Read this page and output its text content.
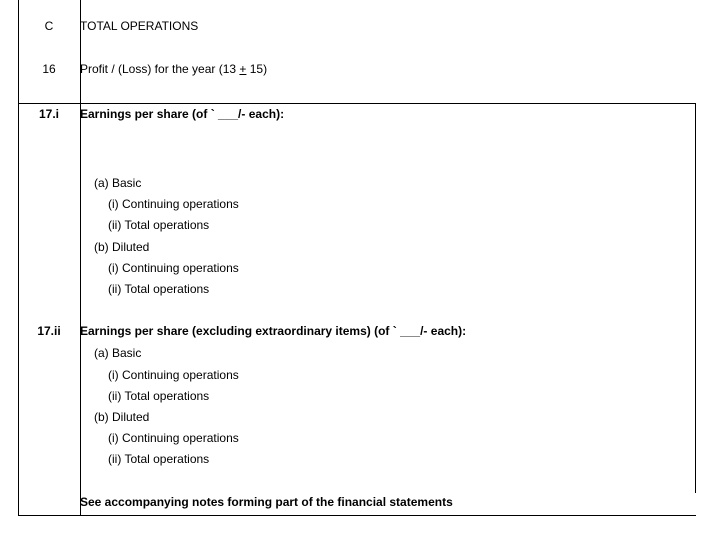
C	TOTAL OPERATIONS
16	Profit / (Loss) for the year (13 + 15)
17.i	Earnings per share (of ` ___/- each):
(a) Basic
(i) Continuing operations
(ii) Total operations
(b) Diluted
(i) Continuing operations
(ii) Total operations
17.ii	Earnings per share (excluding extraordinary items) (of ` ___/- each):
(a) Basic
(i) Continuing operations
(ii) Total operations
(b) Diluted
(i) Continuing operations
(ii) Total operations
See accompanying notes forming part of the financial statements
